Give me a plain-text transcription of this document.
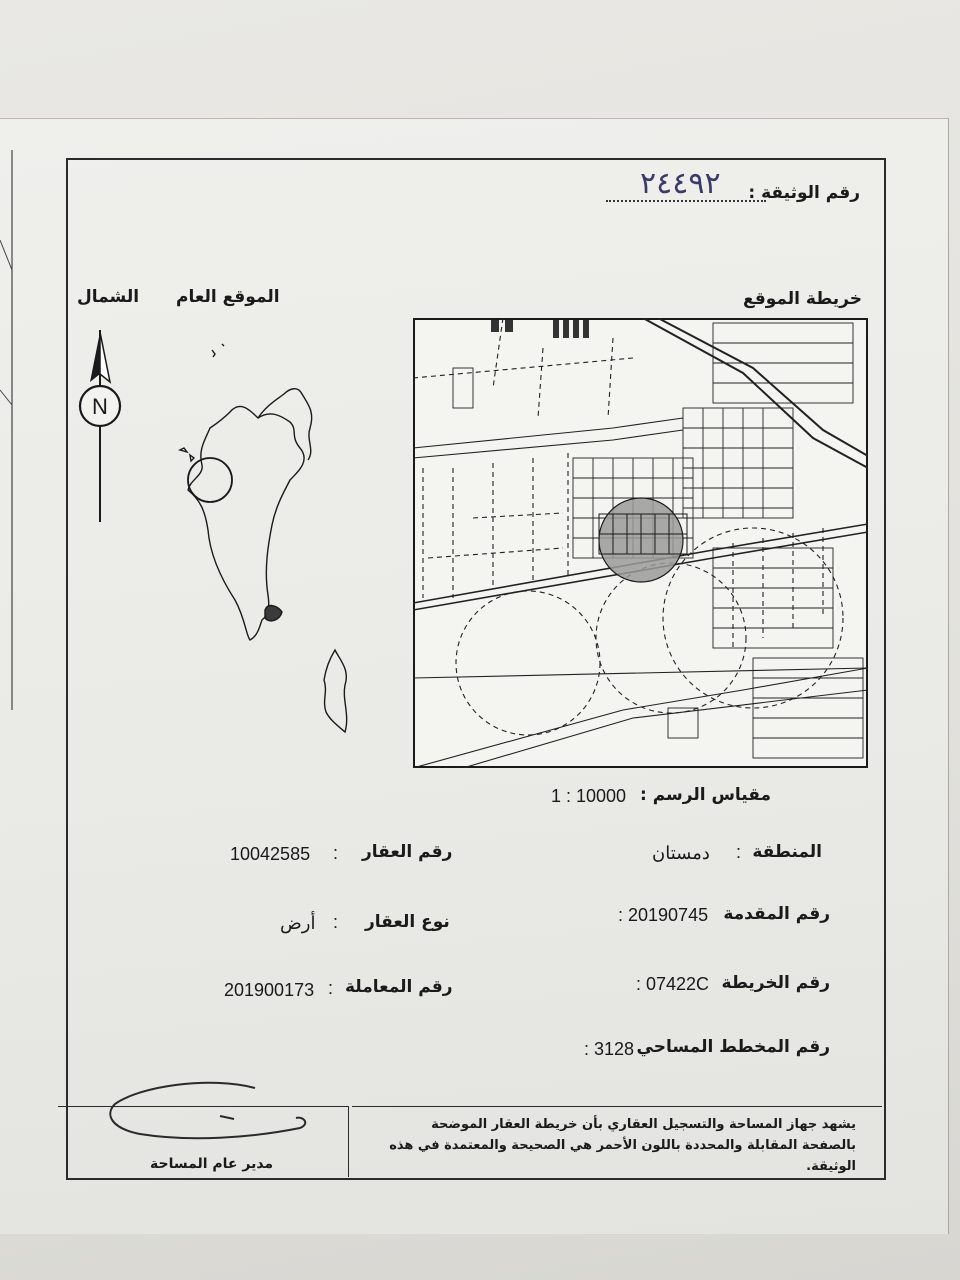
رقم الوثيقة :
٢٤٤٩٢
خريطة الموقع
الموقع العام
الشمال
N
مقياس الرسم :
1 : 10000
المنطقة
:
دمستان
رقم المقدمة
: 20190745
رقم الخريطة
: 07422C
رقم المخطط المساحي
: 3128
رقم العقار
:
10042585
نوع العقار
:
أرض
رقم المعاملة
:
201900173
يشهد جهاز المساحة والتسجيل العقاري بأن خريطة العقار الموضحة بالصفحة المقابلة والمحددة باللون الأحمر هي الصحيحة والمعتمدة في هذه الوثيقة.
مدير عام المساحة
